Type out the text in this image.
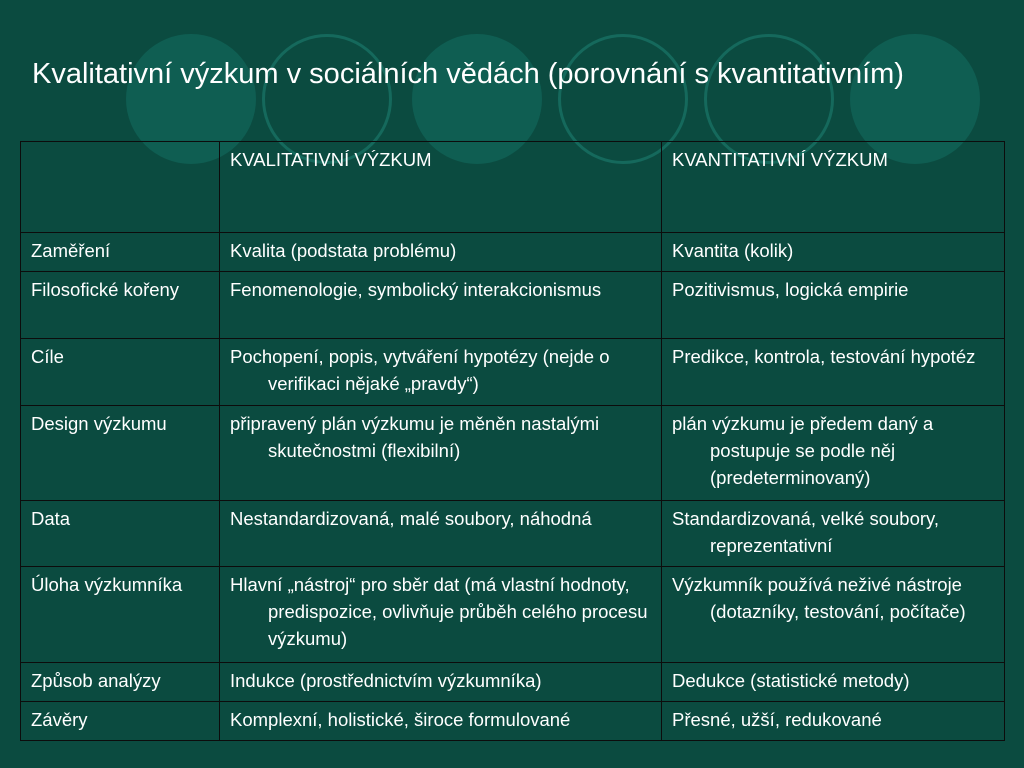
Kvalitativní výzkum v sociálních vědách (porovnání s kvantitativním)

	KVALITATIVNÍ VÝZKUM	KVANTITATIVNÍ VÝZKUM

Zaměření	Kvalita (podstata problému)	Kvantita (kolik)

Filosofické kořeny	Fenomenologie, symbolický interakcionismus	Pozitivismus, logická empirie

Cíle	Pochopení, popis, vytváření hypotézy (nejde o verifikaci nějaké „pravdy“)	Predikce, kontrola, testování hypotéz

Design výzkumu	připravený plán výzkumu je měněn nastalými skutečnostmi (flexibilní)	plán výzkumu je předem daný a postupuje se podle něj (predeterminovaný)

Data	Nestandardizovaná, malé soubory, náhodná	Standardizovaná, velké soubory, reprezentativní

Úloha výzkumníka	Hlavní „nástroj“ pro sběr dat (má vlastní hodnoty, predispozice, ovlivňuje průběh celého procesu výzkumu)	Výzkumník používá neživé nástroje (dotazníky, testování, počítače)

Způsob analýzy	Indukce (prostřednictvím výzkumníka)	Dedukce (statistické metody)

Závěry	Komplexní, holistické, široce formulované	Přesné, užší, redukované
